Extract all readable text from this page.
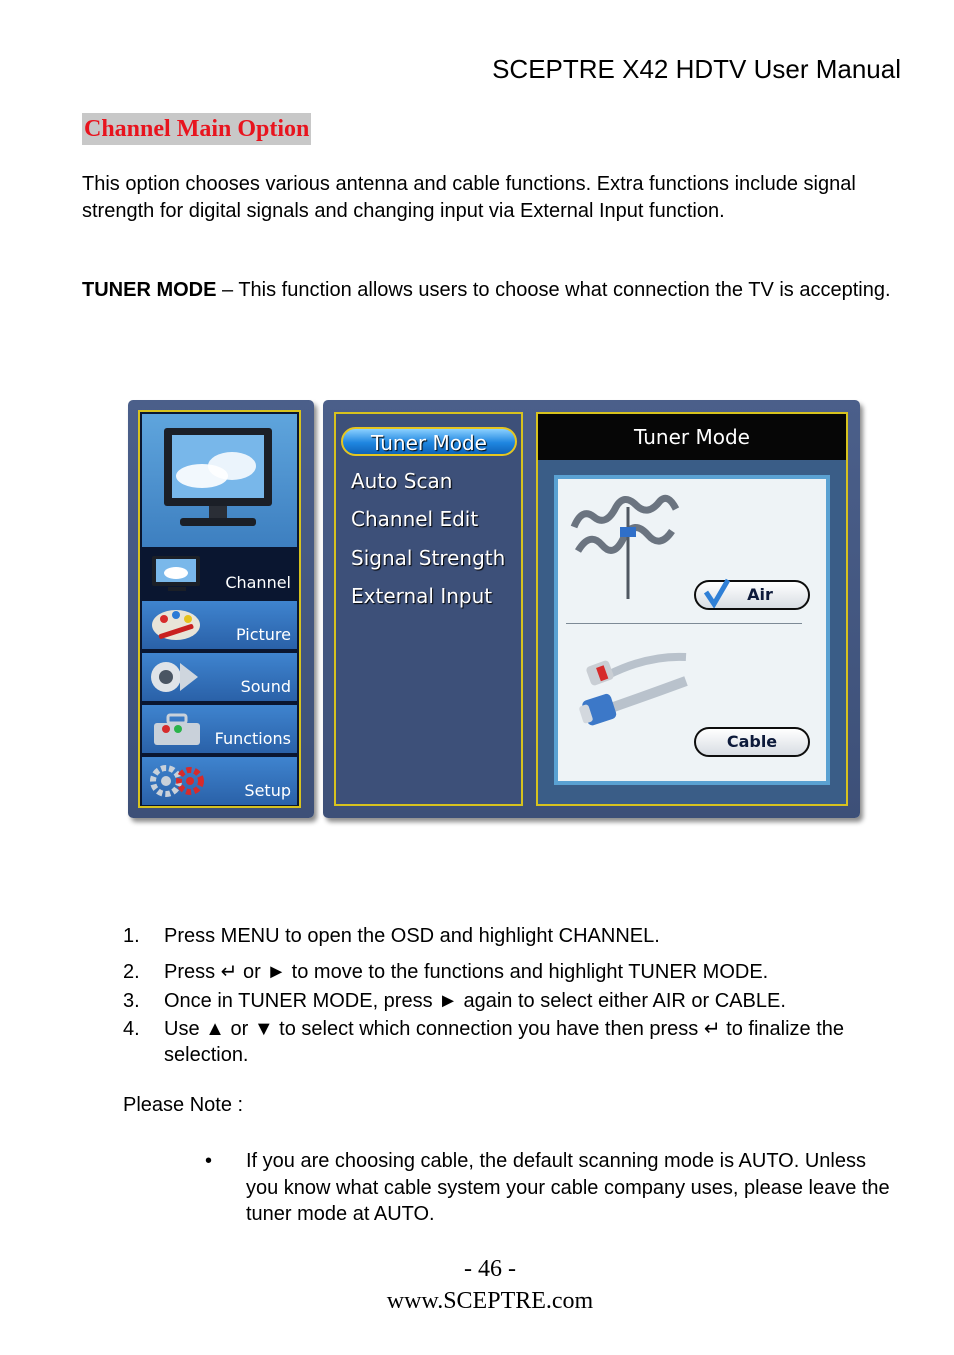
SCEPTRE X42 HDTV User Manual
Channel Main Option
This option chooses various antenna and cable functions. Extra functions include signal strength for digital signals and changing input via External Input function.
TUNER MODE – This function allows users to choose what connection the TV is accepting.
Channel
Picture
Sound
Functions
Setup
Tuner Mode
Auto Scan
Channel Edit
Signal Strength
External Input
Tuner Mode
Air
Cable
1. Press MENU to open the OSD and highlight CHANNEL.
2. Press ↵ or ► to move to the functions and highlight TUNER MODE.
3. Once in TUNER MODE, press ► again to select either AIR or CABLE.
4. Use ▲ or ▼ to select which connection you have then press ↵ to finalize the selection.
Please Note :
• If you are choosing cable, the default scanning mode is AUTO. Unless you know what cable system your cable company uses, please leave the tuner mode at AUTO.
- 46 -
www.SCEPTRE.com
